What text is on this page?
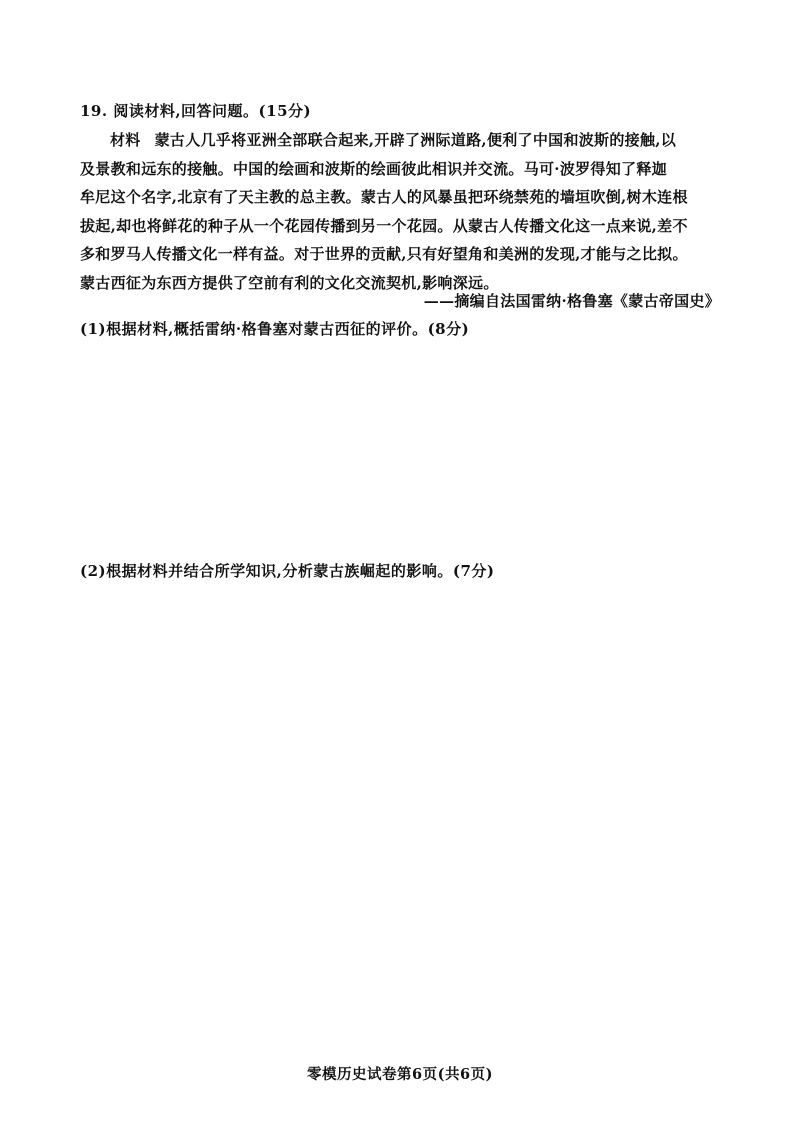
19. 阅读材料,回答问题。(15分)
材料 蒙古人几乎将亚洲全部联合起来,开辟了洲际道路,便利了中国和波斯的接触,以
及景教和远东的接触。中国的绘画和波斯的绘画彼此相识并交流。马可·波罗得知了释迦
牟尼这个名字,北京有了天主教的总主教。蒙古人的风暴虽把环绕禁苑的墙垣吹倒,树木连根
拔起,却也将鲜花的种子从一个花园传播到另一个花园。从蒙古人传播文化这一点来说,差不
多和罗马人传播文化一样有益。对于世界的贡献,只有好望角和美洲的发现,才能与之比拟。
蒙古西征为东西方提供了空前有利的文化交流契机,影响深远。
——摘编自法国雷纳·格鲁塞《蒙古帝国史》
(1)根据材料,概括雷纳·格鲁塞对蒙古西征的评价。(8分)
(2)根据材料并结合所学知识,分析蒙古族崛起的影响。(7分)
零模历史试卷第6页(共6页)
